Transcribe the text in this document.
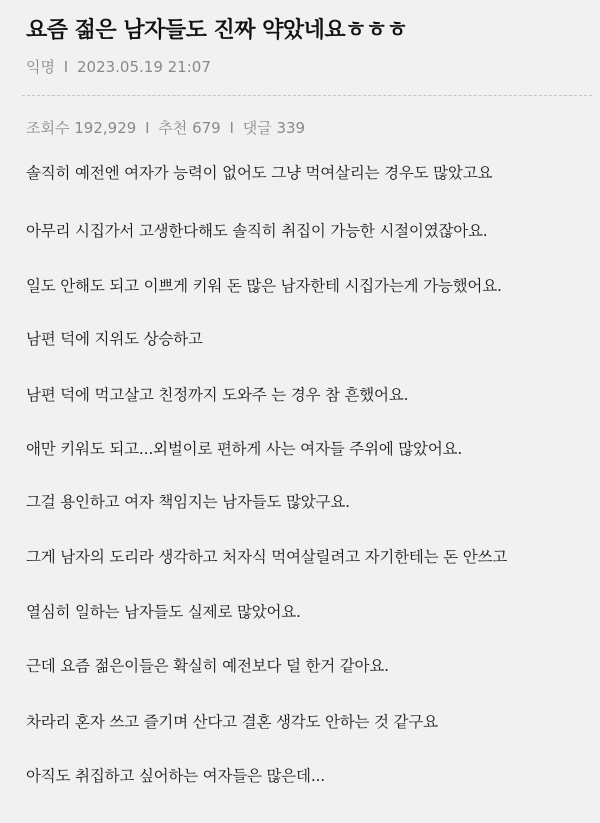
요즘 젊은 남자들도 진짜 약았네요ㅎㅎㅎ
익명 I 2023.05.19 21:07
조회수 192,929 I 추천 679 I 댓글 339
솔직히 예전엔 여자가 능력이 없어도 그냥 먹여살리는 경우도 많았고요
아무리 시집가서 고생한다해도 솔직히 취집이 가능한 시절이였잖아요.
일도 안해도 되고 이쁘게 키워 돈 많은 남자한테 시집가는게 가능했어요.
남편 덕에 지위도 상승하고
남편 덕에 먹고살고 친정까지 도와주 는 경우 참 흔했어요.
애만 키워도 되고...외벌이로 편하게 사는 여자들 주위에 많았어요.
그걸 용인하고 여자 책임지는 남자들도 많았구요.
그게 남자의 도리라 생각하고 처자식 먹여살릴려고 자기한테는 돈 안쓰고
열심히 일하는 남자들도 실제로 많았어요.
근데 요즘 젊은이들은 확실히 예전보다 덜 한거 같아요.
차라리 혼자 쓰고 즐기며 산다고 결혼 생각도 안하는 것 같구요
아직도 취집하고 싶어하는 여자들은 많은데...
